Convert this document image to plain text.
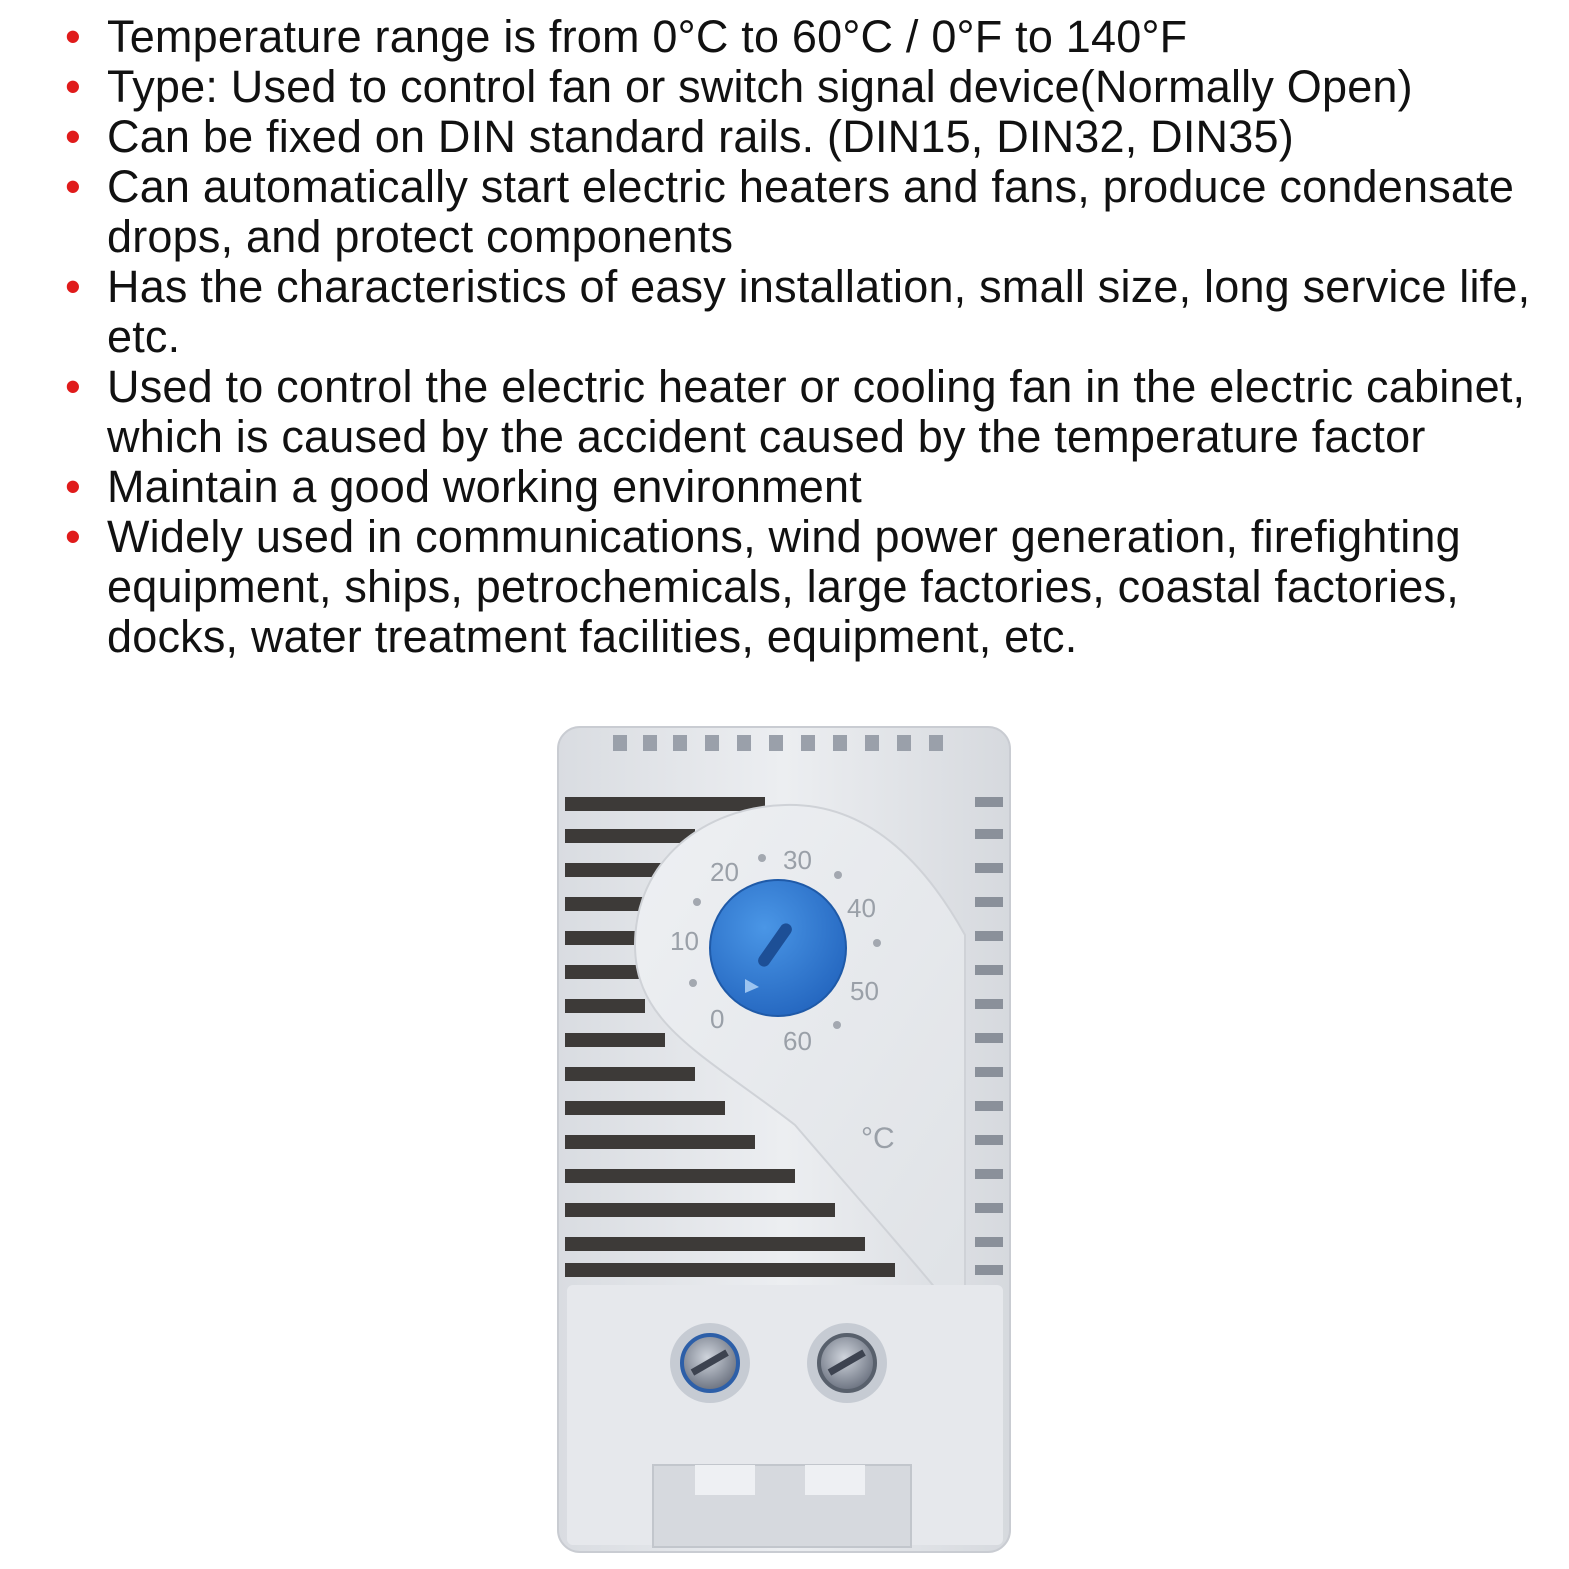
• Temperature range is from 0°C to 60°C / 0°F to 140°F
• Type: Used to control fan or switch signal device(Normally Open)
• Can be fixed on DIN standard rails. (DIN15, DIN32, DIN35)
• Can automatically start electric heaters and fans, produce condensate drops, and protect components
• Has the characteristics of easy installation, small size, long service life, etc.
• Used to control the electric heater or cooling fan in the electric cabinet, which is caused by the accident caused by the temperature factor
• Maintain a good working environment
• Widely used in communications, wind power generation, firefighting equipment, ships, petrochemicals, large factories, coastal factories, docks, water treatment facilities, equipment, etc.
0
10
20 30
40
50
60
°C
